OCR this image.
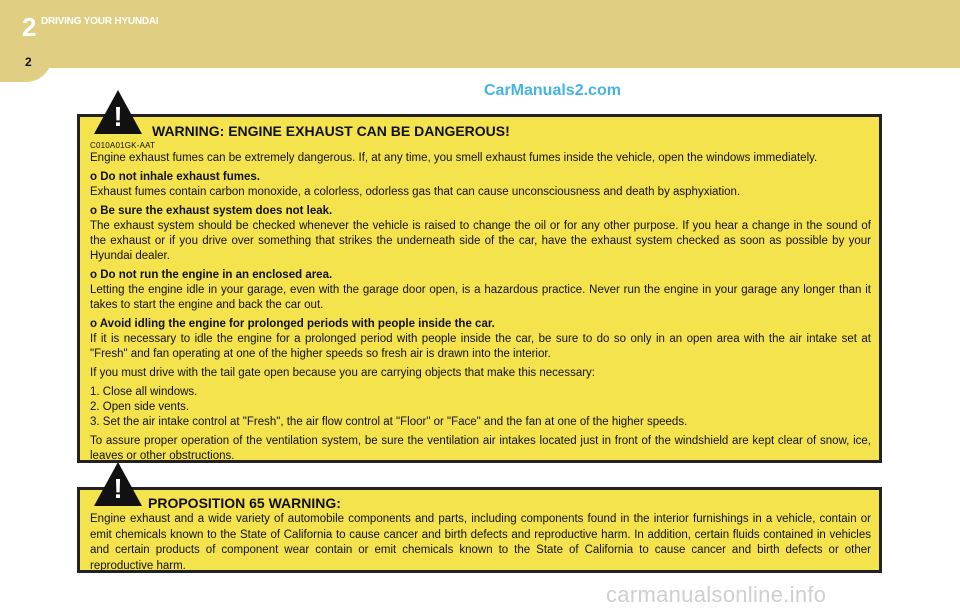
2 DRIVING YOUR HYUNDAI
2
CarManuals2.com
WARNING: ENGINE EXHAUST CAN BE DANGEROUS!
C010A01GK-AAT
Engine exhaust fumes can be extremely dangerous. If, at any time, you smell exhaust fumes inside the vehicle, open the windows immediately.
o Do not inhale exhaust fumes.
Exhaust fumes contain carbon monoxide, a colorless, odorless gas that can cause unconsciousness and death by asphyxiation.
o Be sure the exhaust system does not leak.
The exhaust system should be checked whenever the vehicle is raised to change the oil or for any other purpose. If you hear a change in the sound of the exhaust or if you drive over something that strikes the underneath side of the car, have the exhaust system checked as soon as possible by your Hyundai dealer.
o Do not run the engine in an enclosed area.
Letting the engine idle in your garage, even with the garage door open, is a hazardous practice. Never run the engine in your garage any longer than it takes to start the engine and back the car out.
o Avoid idling the engine for prolonged periods with people inside the car.
If it is necessary to idle the engine for a prolonged period with people inside the car, be sure to do so only in an open area with the air intake set at "Fresh" and fan operating at one of the higher speeds so fresh air is drawn into the interior.
If you must drive with the tail gate open because you are carrying objects that make this necessary:
1. Close all windows.
2. Open side vents.
3. Set the air intake control at "Fresh", the air flow control at "Floor" or "Face" and the fan at one of the higher speeds.
To assure proper operation of the ventilation system, be sure the ventilation air intakes located just in front of the windshield are kept clear of snow, ice, leaves or other obstructions.
!
PROPOSITION 65 WARNING:
Engine exhaust and a wide variety of automobile components and parts, including components found in the interior furnishings in a vehicle, contain or emit chemicals known to the State of California to cause cancer and birth defects and reproductive harm. In addition, certain fluids contained in vehicles and certain products of component wear contain or emit chemicals known to the State of California to cause cancer and birth defects or other reproductive harm.
!
carmanualsonline.info
